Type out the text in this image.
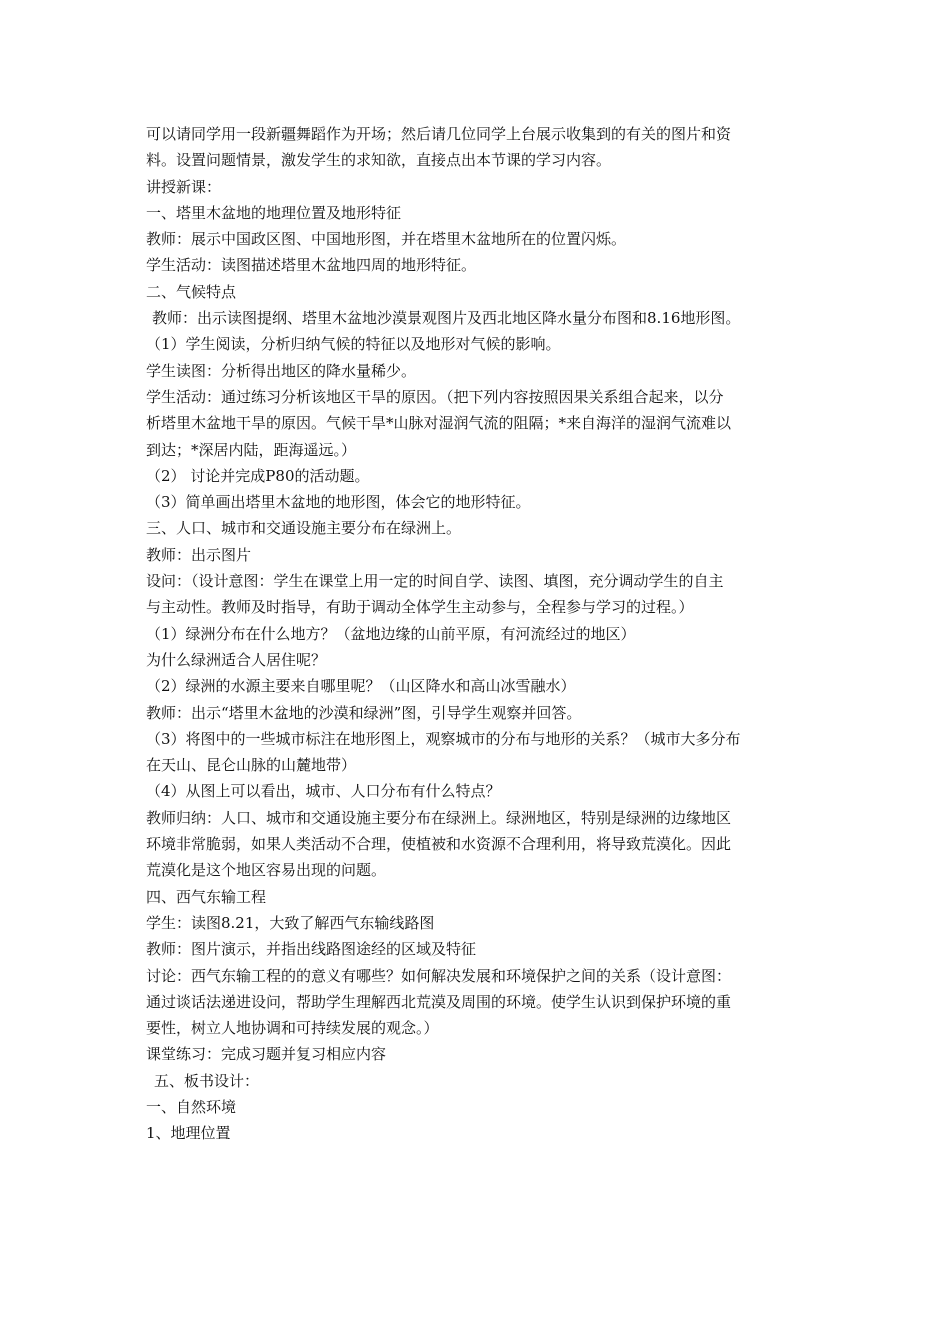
可以请同学用一段新疆舞蹈作为开场；然后请几位同学上台展示收集到的有关的图片和资

料。设置问题情景，激发学生的求知欲，直接点出本节课的学习内容。

讲授新课：

一、塔里木盆地的地理位置及地形特征

教师：展示中国政区图、中国地形图，并在塔里木盆地所在的位置闪烁。

学生活动：读图描述塔里木盆地四周的地形特征。

二、气候特点

教师：出示读图提纲、塔里木盆地沙漠景观图片及西北地区降水量分布图和8.16地形图。

（1）学生阅读，分析归纳气候的特征以及地形对气候的影响。

学生读图：分析得出地区的降水量稀少。

学生活动：通过练习分析该地区干旱的原因。（把下列内容按照因果关系组合起来，以分

析塔里木盆地干旱的原因。气候干旱*山脉对湿润气流的阻隔；*来自海洋的湿润气流难以

到达；*深居内陆，距海遥远。）

（2） 讨论并完成P80的活动题。

（3）简单画出塔里木盆地的地形图，体会它的地形特征。

三、人口、城市和交通设施主要分布在绿洲上。

教师：出示图片

设问：（设计意图：学生在课堂上用一定的时间自学、读图、填图，充分调动学生的自主

与主动性。教师及时指导，有助于调动全体学生主动参与，全程参与学习的过程。）

（1）绿洲分布在什么地方？（盆地边缘的山前平原，有河流经过的地区）

为什么绿洲适合人居住呢？

（2）绿洲的水源主要来自哪里呢？（山区降水和高山冰雪融水）

教师：出示“塔里木盆地的沙漠和绿洲”图，引导学生观察并回答。

（3）将图中的一些城市标注在地形图上，观察城市的分布与地形的关系？（城市大多分布

在天山、昆仑山脉的山麓地带）

（4）从图上可以看出，城市、人口分布有什么特点？

教师归纳：人口、城市和交通设施主要分布在绿洲上。绿洲地区，特别是绿洲的边缘地区

环境非常脆弱，如果人类活动不合理，使植被和水资源不合理利用，将导致荒漠化。因此

荒漠化是这个地区容易出现的问题。

四、西气东输工程

学生：读图8.21，大致了解西气东输线路图

教师：图片演示，并指出线路图途经的区域及特征

讨论：西气东输工程的的意义有哪些？如何解决发展和环境保护之间的关系（设计意图：

通过谈话法递进设问，帮助学生理解西北荒漠及周围的环境。使学生认识到保护环境的重

要性，树立人地协调和可持续发展的观念。）

课堂练习：完成习题并复习相应内容

五、板书设计：

一、自然环境

1、地理位置
